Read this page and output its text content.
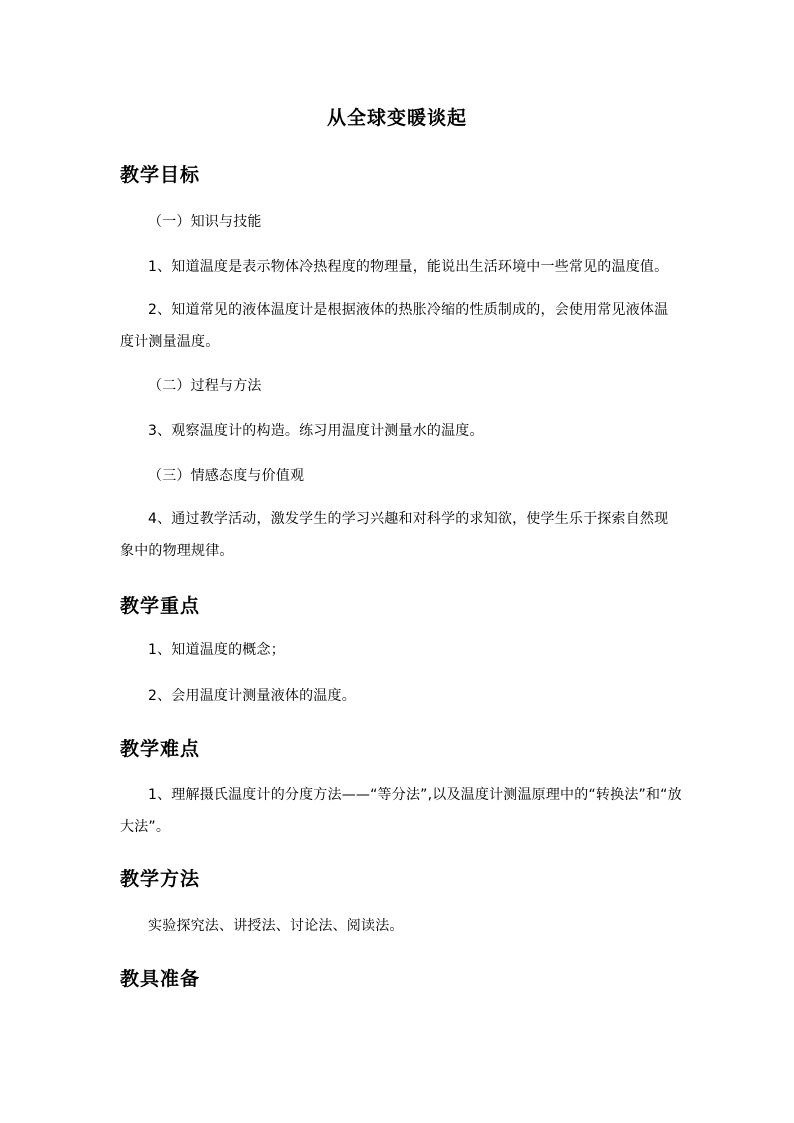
从全球变暖谈起
教学目标
（一）知识与技能
1、知道温度是表示物体冷热程度的物理量，能说出生活环境中一些常见的温度值。
2、知道常见的液体温度计是根据液体的热胀冷缩的性质制成的，会使用常见液体温度计测量温度。
（二）过程与方法
3、观察温度计的构造。练习用温度计测量水的温度。
（三）情感态度与价值观
4、通过教学活动，激发学生的学习兴趣和对科学的求知欲，使学生乐于探索自然现象中的物理规律。
教学重点
1、知道温度的概念；
2、会用温度计测量液体的温度。
教学难点
1、理解摄氏温度计的分度方法——“等分法”,以及温度计测温原理中的“转换法”和“放大法”。
教学方法
实验探究法、讲授法、讨论法、阅读法。
教具准备
